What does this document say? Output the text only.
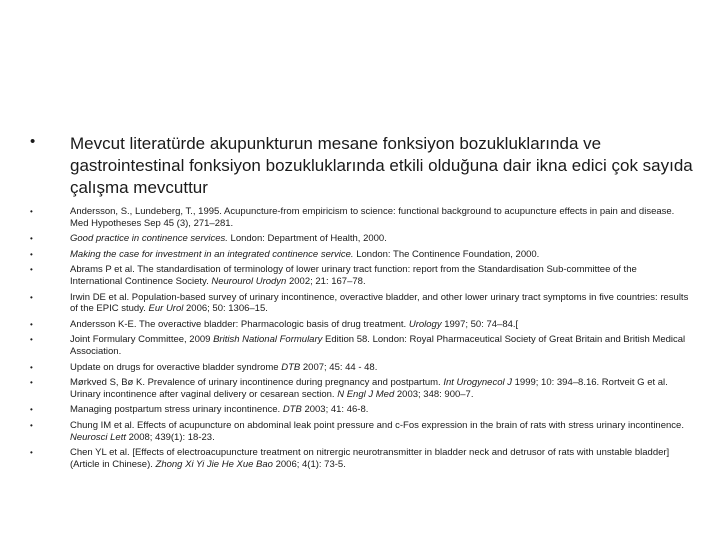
• Mevcut literatürde akupunkturun mesane fonksiyon bozukluklarında ve gastrointestinal fonksiyon bozukluklarında etkili olduğuna dair ikna edici çok sayıda çalışma mevcuttur
•	Andersson, S., Lundeberg, T., 1995. Acupuncture-from empiricism to science: functional background to acupuncture effects in pain and disease. Med Hypotheses Sep 45 (3), 271–281.
•	Good practice in continence services. London: Department of Health, 2000.
•	Making the case for investment in an integrated continence service. London: The Continence Foundation, 2000.
•	Abrams P et al. The standardisation of terminology of lower urinary tract function: report from the Standardisation Sub-committee of the International Continence Society. Neurourol Urodyn 2002; 21: 167–78.
•	Irwin DE et al. Population-based survey of urinary incontinence, overactive bladder, and other lower urinary tract symptoms in five countries: results of the EPIC study. Eur Urol 2006; 50: 1306–15.
•	Andersson K-E. The overactive bladder: Pharmacologic basis of drug treatment. Urology 1997; 50: 74–84.[
•	Joint Formulary Committee, 2009 British National Formulary Edition 58. London: Royal Pharmaceutical Society of Great Britain and British Medical Association.
•	Update on drugs for overactive bladder syndrome DTB 2007; 45: 44 - 48.
•	Mørkved S, Bø K. Prevalence of urinary incontinence during pregnancy and postpartum. Int Urogynecol J 1999; 10: 394–8.16. Rortveit G et al. Urinary incontinence after vaginal delivery or cesarean section. N Engl J Med 2003; 348: 900–7.
•	Managing postpartum stress urinary incontinence. DTB 2003; 41: 46-8.
•	Chung IM et al. Effects of acupuncture on abdominal leak point pressure and c-Fos expression in the brain of rats with stress urinary incontinence. Neurosci Lett 2008; 439(1): 18-23.
•	Chen YL et al. [Effects of electroacupuncture treatment on nitrergic neurotransmitter in bladder neck and detrusor of rats with unstable bladder] (Article in Chinese). Zhong Xi Yi Jie He Xue Bao 2006; 4(1): 73-5.
